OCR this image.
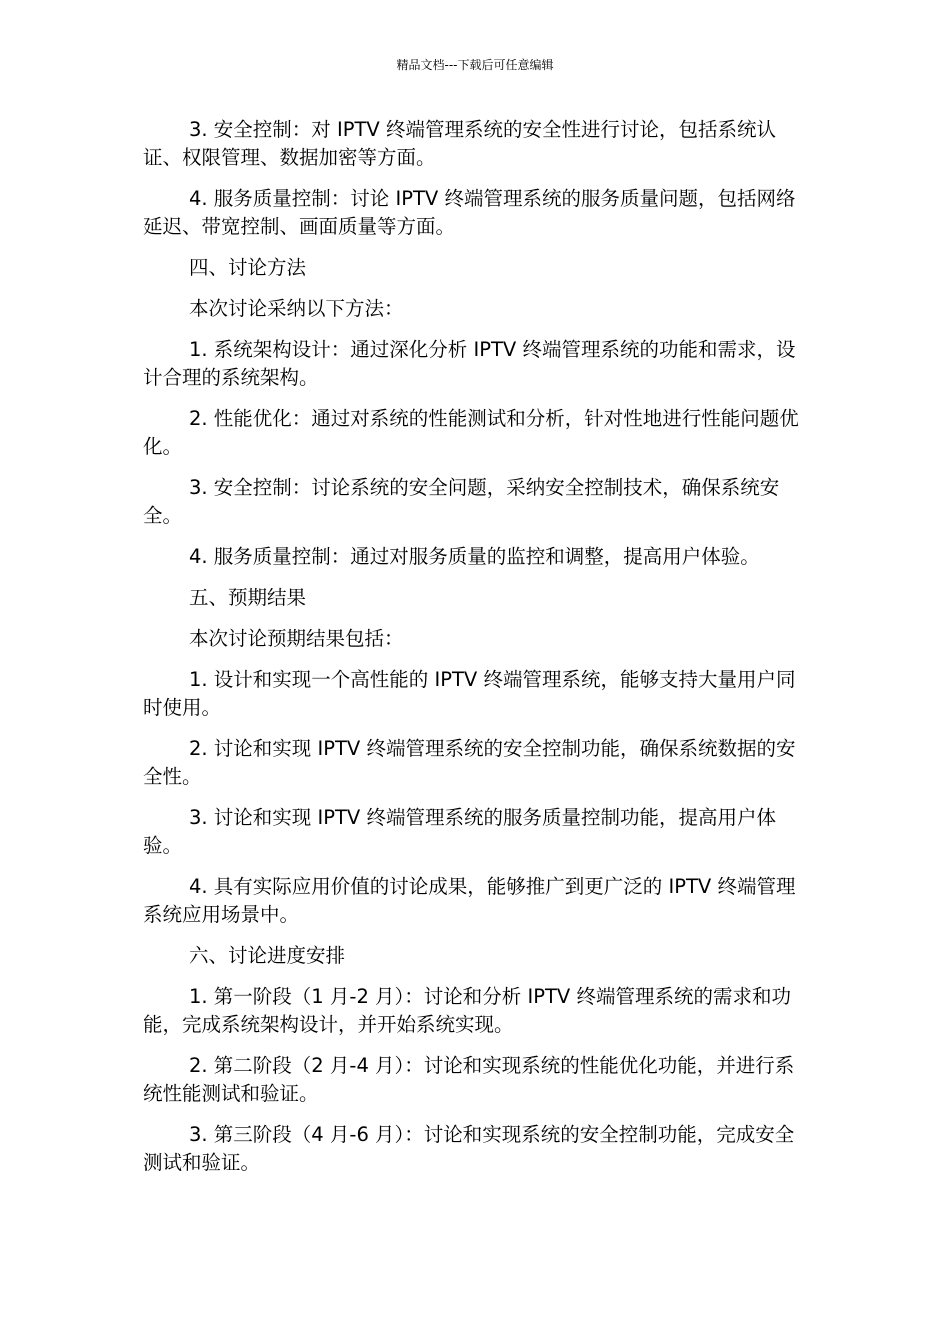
精品文档---下载后可任意编辑

3. 安全控制：对 IPTV 终端管理系统的安全性进行讨论，包括系统认证、权限管理、数据加密等方面。

4. 服务质量控制：讨论 IPTV 终端管理系统的服务质量问题，包括网络延迟、带宽控制、画面质量等方面。

四、讨论方法

本次讨论采纳以下方法：

1. 系统架构设计：通过深化分析 IPTV 终端管理系统的功能和需求，设计合理的系统架构。

2. 性能优化：通过对系统的性能测试和分析，针对性地进行性能问题优化。

3. 安全控制：讨论系统的安全问题，采纳安全控制技术，确保系统安全。

4. 服务质量控制：通过对服务质量的监控和调整，提高用户体验。

五、预期结果

本次讨论预期结果包括：

1. 设计和实现一个高性能的 IPTV 终端管理系统，能够支持大量用户同时使用。

2. 讨论和实现 IPTV 终端管理系统的安全控制功能，确保系统数据的安全性。

3. 讨论和实现 IPTV 终端管理系统的服务质量控制功能，提高用户体验。

4. 具有实际应用价值的讨论成果，能够推广到更广泛的 IPTV 终端管理系统应用场景中。

六、讨论进度安排

1. 第一阶段（1 月-2 月）：讨论和分析 IPTV 终端管理系统的需求和功能，完成系统架构设计，并开始系统实现。

2. 第二阶段（2 月-4 月）：讨论和实现系统的性能优化功能，并进行系统性能测试和验证。

3. 第三阶段（4 月-6 月）：讨论和实现系统的安全控制功能，完成安全测试和验证。
